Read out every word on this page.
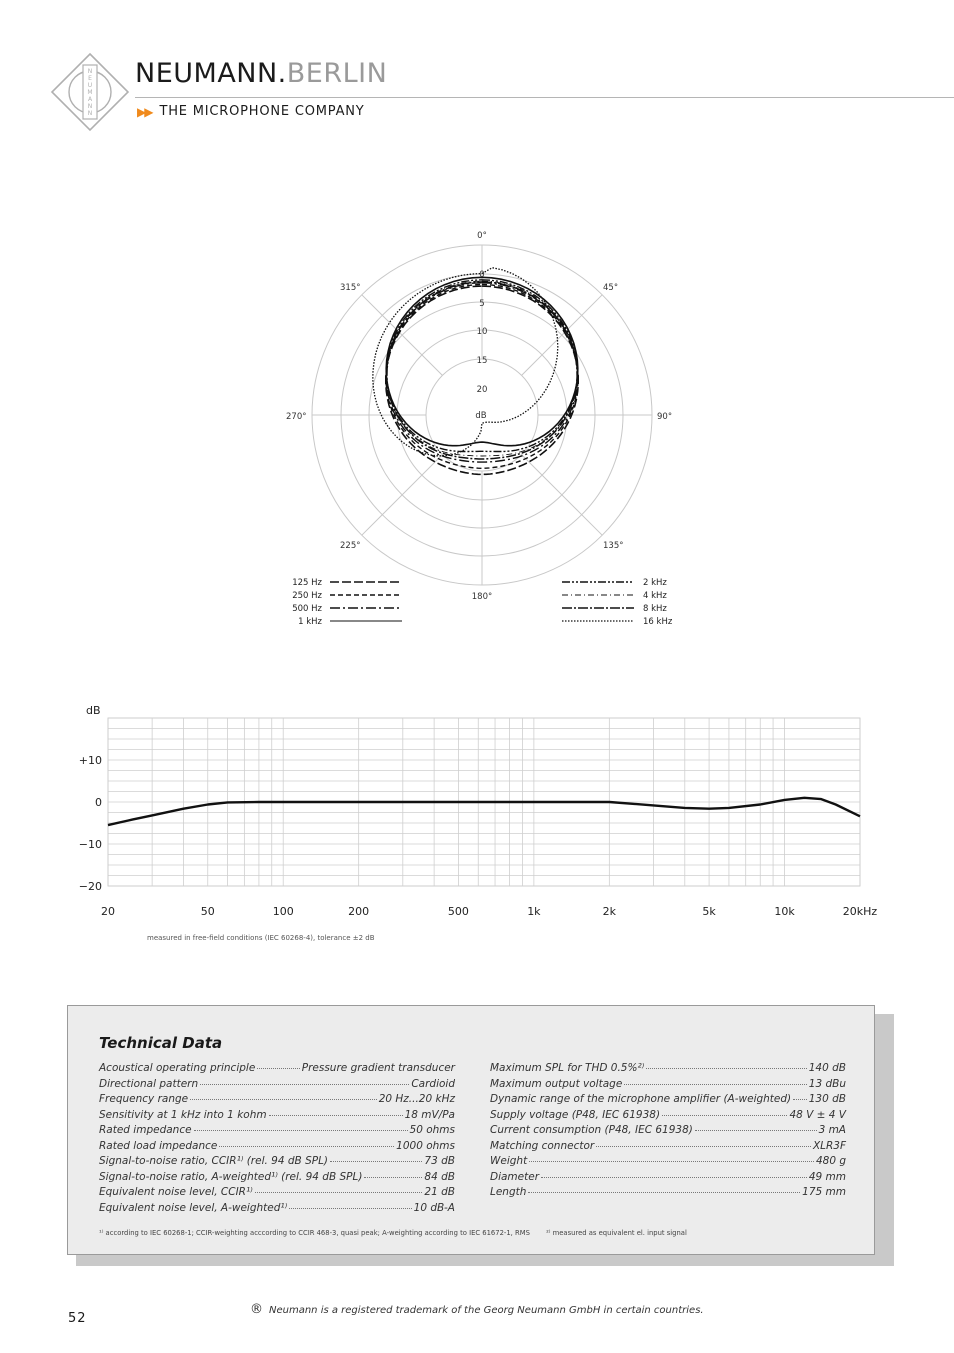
N
E
U
M
A
N
N
NEUMANN.BERLIN
▶▶ THE MICROPHONE COMPANY
0°
45°
90°
135°
180°
225°
270°
315°
0
5
10
15
20
dB
125 Hz
250 Hz
500 Hz
1 kHz
2 kHz
4 kHz
8 kHz
16 kHz
dB
+10
0
−10
−20
20	50	100	200	500	1k	2k	5k	10k	20kHz
measured in free-field conditions (IEC 60268-4), tolerance ±2 dB
Technical Data
Acoustical operating principle	Pressure gradient transducer
Directional pattern	Cardioid
Frequency range	20 Hz...20 kHz
Sensitivity at 1 kHz into 1 kohm	18 mV/Pa
Rated impedance	50 ohms
Rated load impedance	1000 ohms
Signal-to-noise ratio, CCIR¹⁾ (rel. 94 dB SPL)	73 dB
Signal-to-noise ratio, A-weighted¹⁾ (rel. 94 dB SPL)	84 dB
Equivalent noise level, CCIR¹⁾	21 dB
Equivalent noise level, A-weighted¹⁾	10 dB-A
Maximum SPL for THD 0.5%²⁾	140 dB
Maximum output voltage	13 dBu
Dynamic range of the microphone amplifier (A-weighted) 130 dB
Supply voltage (P48, IEC 61938)	48 V ± 4 V
Current consumption (P48, IEC 61938)	3 mA
Matching connector	XLR3F
Weight	480 g
Diameter	49 mm
Length	175 mm
¹⁾ according to IEC 60268-1; CCIR-weighting acccording to CCIR 468-3, quasi peak; A-weighting according to IEC 61672-1, RMS ²⁾ measured as equivalent el. input signal
52
® Neumann is a registered trademark of the Georg Neumann GmbH in certain countries.
